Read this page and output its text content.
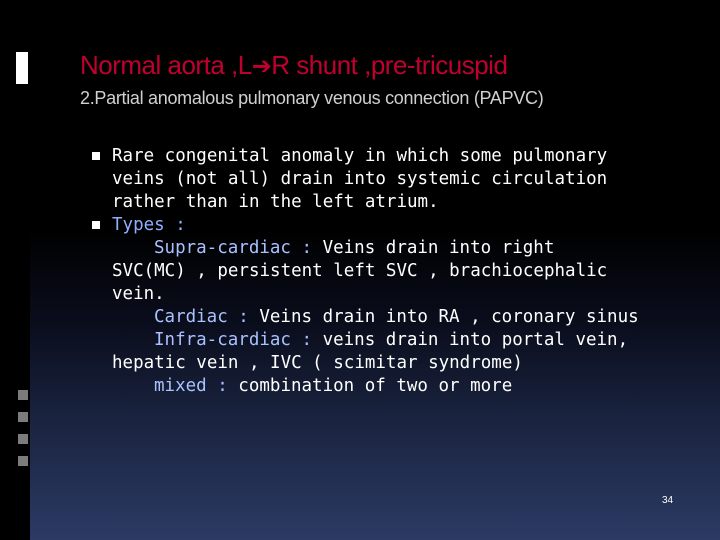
Normal aorta ,L➔R shunt ,pre-tricuspid
2.Partial anomalous pulmonary venous connection (PAPVC)
Rare congenital anomaly in which some pulmonary
veins (not all) drain into systemic circulation
rather than in the left atrium.
Types :
Supra-cardiac : Veins drain into right
SVC(MC) , persistent left SVC , brachiocephalic
vein.
Cardiac : Veins drain into RA , coronary sinus
Infra-cardiac : veins drain into portal vein,
hepatic vein , IVC ( scimitar syndrome)
mixed : combination of two or more
34
